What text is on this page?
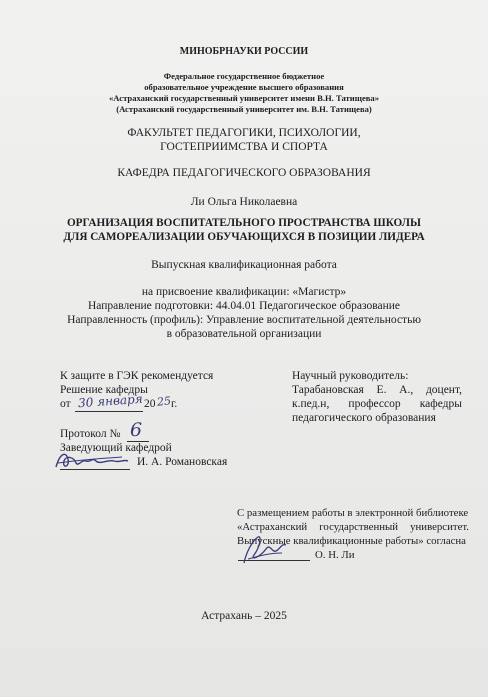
МИНОБРНАУКИ РОССИИ
Федеральное государственное бюджетное
образовательное учреждение высшего образования
«Астраханский государственный университет имени В.Н. Татищева»
(Астраханский государственный университет им. В.Н. Татищева)
ФАКУЛЬТЕТ ПЕДАГОГИКИ, ПСИХОЛОГИИ,
ГОСТЕПРИИМСТВА И СПОРТА
КАФЕДРА ПЕДАГОГИЧЕСКОГО ОБРАЗОВАНИЯ
Ли Ольга Николаевна
ОРГАНИЗАЦИЯ ВОСПИТАТЕЛЬНОГО ПРОСТРАНСТВА ШКОЛЫ
ДЛЯ САМОРЕАЛИЗАЦИИ ОБУЧАЮЩИХСЯ В ПОЗИЦИИ ЛИДЕРА
Выпускная квалификационная работа
на присвоение квалификации: «Магистр»
Направление подготовки: 44.04.01 Педагогическое образование
Направленность (профиль): Управление воспитательной деятельностью
в образовательной организации
К защите в ГЭК рекомендуется
Решение кафедры
от 30 января 20 25 г.
Протокол № 6
Заведующий кафедрой
И. А. Романовская
Научный руководитель:
Тарабановская Е. А., доцент,
к.пед.н, профессор кафедры
педагогического образования
С размещением работы в электронной библиотеке
«Астраханский государственный университет.
Выпускные квалификационные работы» согласна
О. Н. Ли
Астрахань – 2025
